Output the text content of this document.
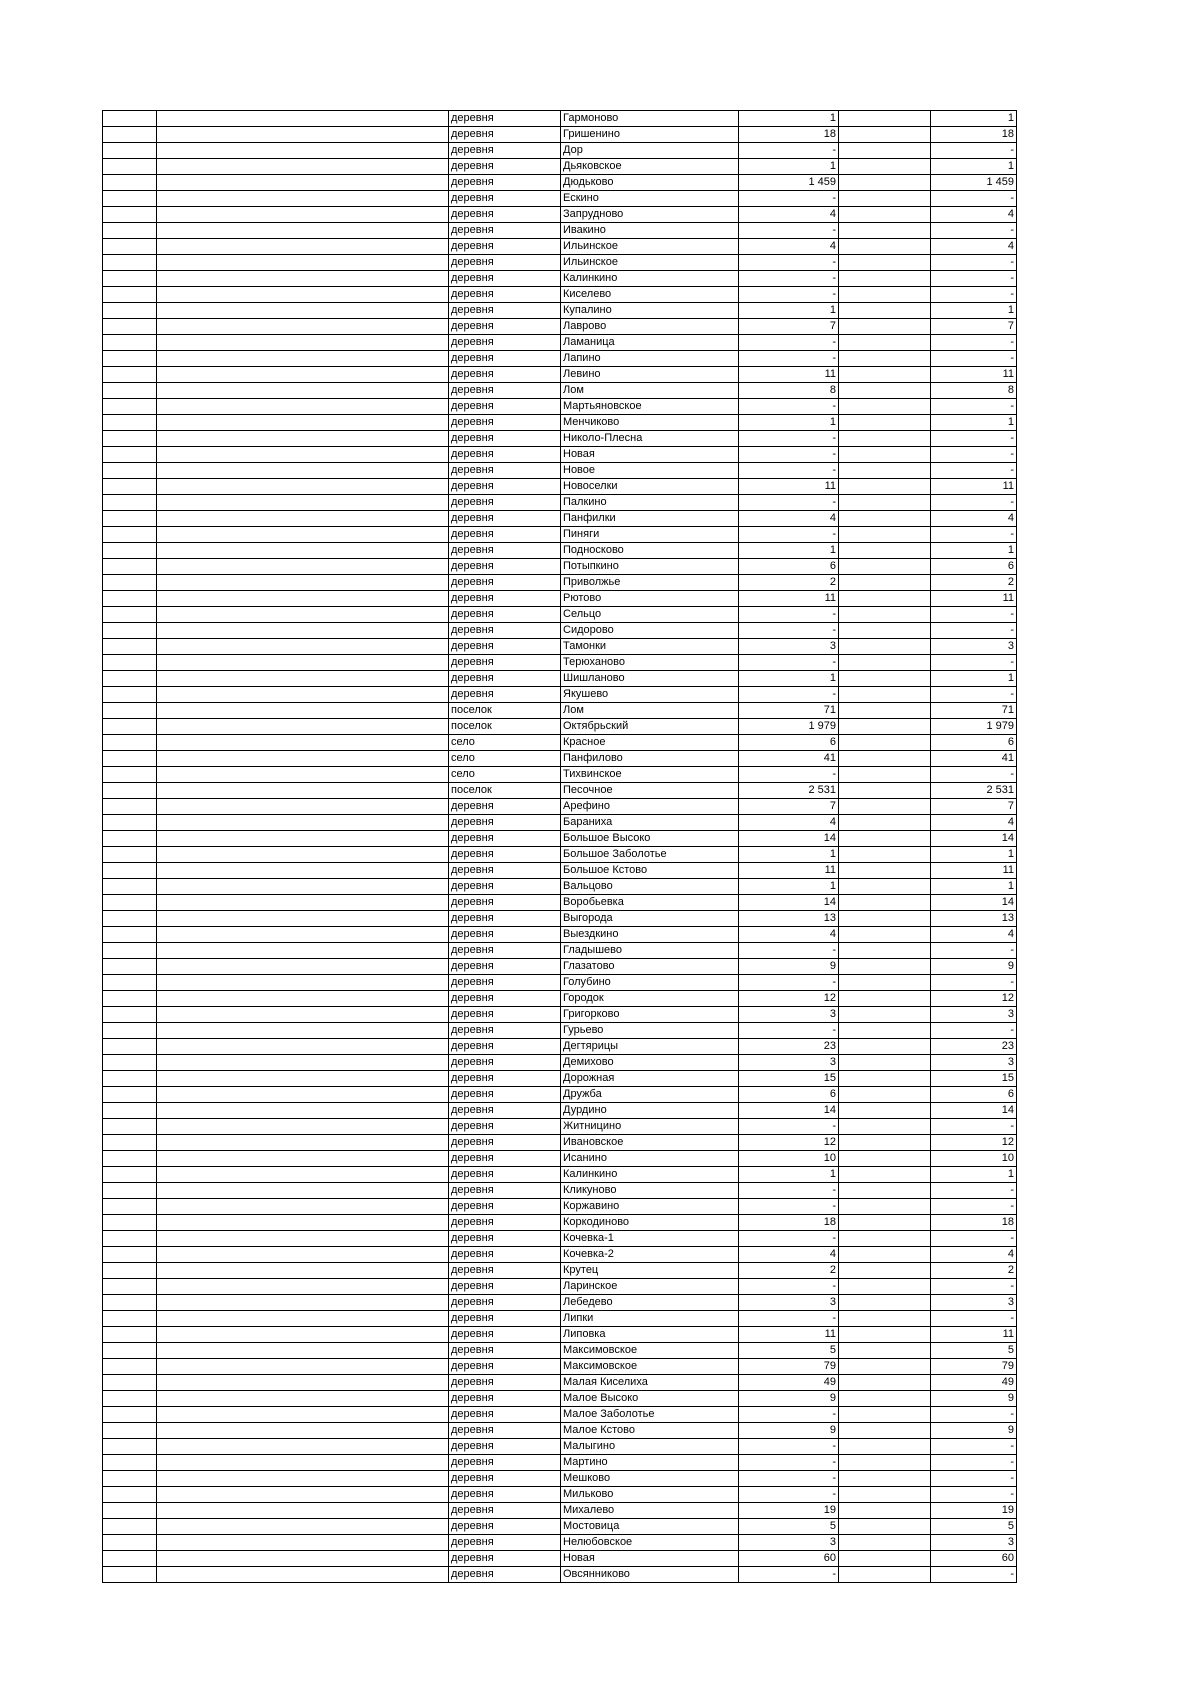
		деревня	Гармоново	1		1
		деревня	Гришенино	18		18
		деревня	Дор	-		-
		деревня	Дьяковское	1		1
		деревня	Дюдьково	1 459		1 459
		деревня	Ескино	-		-
		деревня	Запрудново	4		4
		деревня	Ивакино	-		-
		деревня	Ильинское	4		4
		деревня	Ильинское	-		-
		деревня	Калинкино	-		-
		деревня	Киселево	-		-
		деревня	Купалино	1		1
		деревня	Лаврово	7		7
		деревня	Ламаница	-		-
		деревня	Лапино	-		-
		деревня	Левино	11		11
		деревня	Лом	8		8
		деревня	Мартьяновское	-		-
		деревня	Менчиково	1		1
		деревня	Николо-Плесна	-		-
		деревня	Новая	-		-
		деревня	Новое	-		-
		деревня	Новоселки	11		11
		деревня	Палкино	-		-
		деревня	Панфилки	4		4
		деревня	Пиняги	-		-
		деревня	Подносково	1		1
		деревня	Потыпкино	6		6
		деревня	Приволжье	2		2
		деревня	Рютово	11		11
		деревня	Сельцо	-		-
		деревня	Сидорово	-		-
		деревня	Тамонки	3		3
		деревня	Терюханово	-		-
		деревня	Шишланово	1		1
		деревня	Якушево	-		-
		поселок	Лом	71		71
		поселок	Октябрьский	1 979		1 979
		село	Красное	6		6
		село	Панфилово	41		41
		село	Тихвинское	-		-
		поселок	Песочное	2 531		2 531
		деревня	Арефино	7		7
		деревня	Бараниха	4		4
		деревня	Большое Высоко	14		14
		деревня	Большое Заболотье	1		1
		деревня	Большое Кстово	11		11
		деревня	Вальцово	1		1
		деревня	Воробьевка	14		14
		деревня	Выгорода	13		13
		деревня	Выездкино	4		4
		деревня	Гладышево	-		-
		деревня	Глазатово	9		9
		деревня	Голубино	-		-
		деревня	Городок	12		12
		деревня	Григорково	3		3
		деревня	Гурьево	-		-
		деревня	Дегтярицы	23		23
		деревня	Демихово	3		3
		деревня	Дорожная	15		15
		деревня	Дружба	6		6
		деревня	Дурдино	14		14
		деревня	Житницино	-		-
		деревня	Ивановское	12		12
		деревня	Исанино	10		10
		деревня	Калинкино	1		1
		деревня	Кликуново	-		-
		деревня	Коржавино	-		-
		деревня	Коркодиново	18		18
		деревня	Кочевка-1	-		-
		деревня	Кочевка-2	4		4
		деревня	Крутец	2		2
		деревня	Ларинское	-		-
		деревня	Лебедево	3		3
		деревня	Липки	-		-
		деревня	Липовка	11		11
		деревня	Максимовское	5		5
		деревня	Максимовское	79		79
		деревня	Малая Киселиха	49		49
		деревня	Малое Высоко	9		9
		деревня	Малое Заболотье	-		-
		деревня	Малое Кстово	9		9
		деревня	Малыгино	-		-
		деревня	Мартино	-		-
		деревня	Мешково	-		-
		деревня	Мильково	-		-
		деревня	Михалево	19		19
		деревня	Мостовица	5		5
		деревня	Нелюбовское	3		3
		деревня	Новая	60		60
		деревня	Овсянниково	-		-
